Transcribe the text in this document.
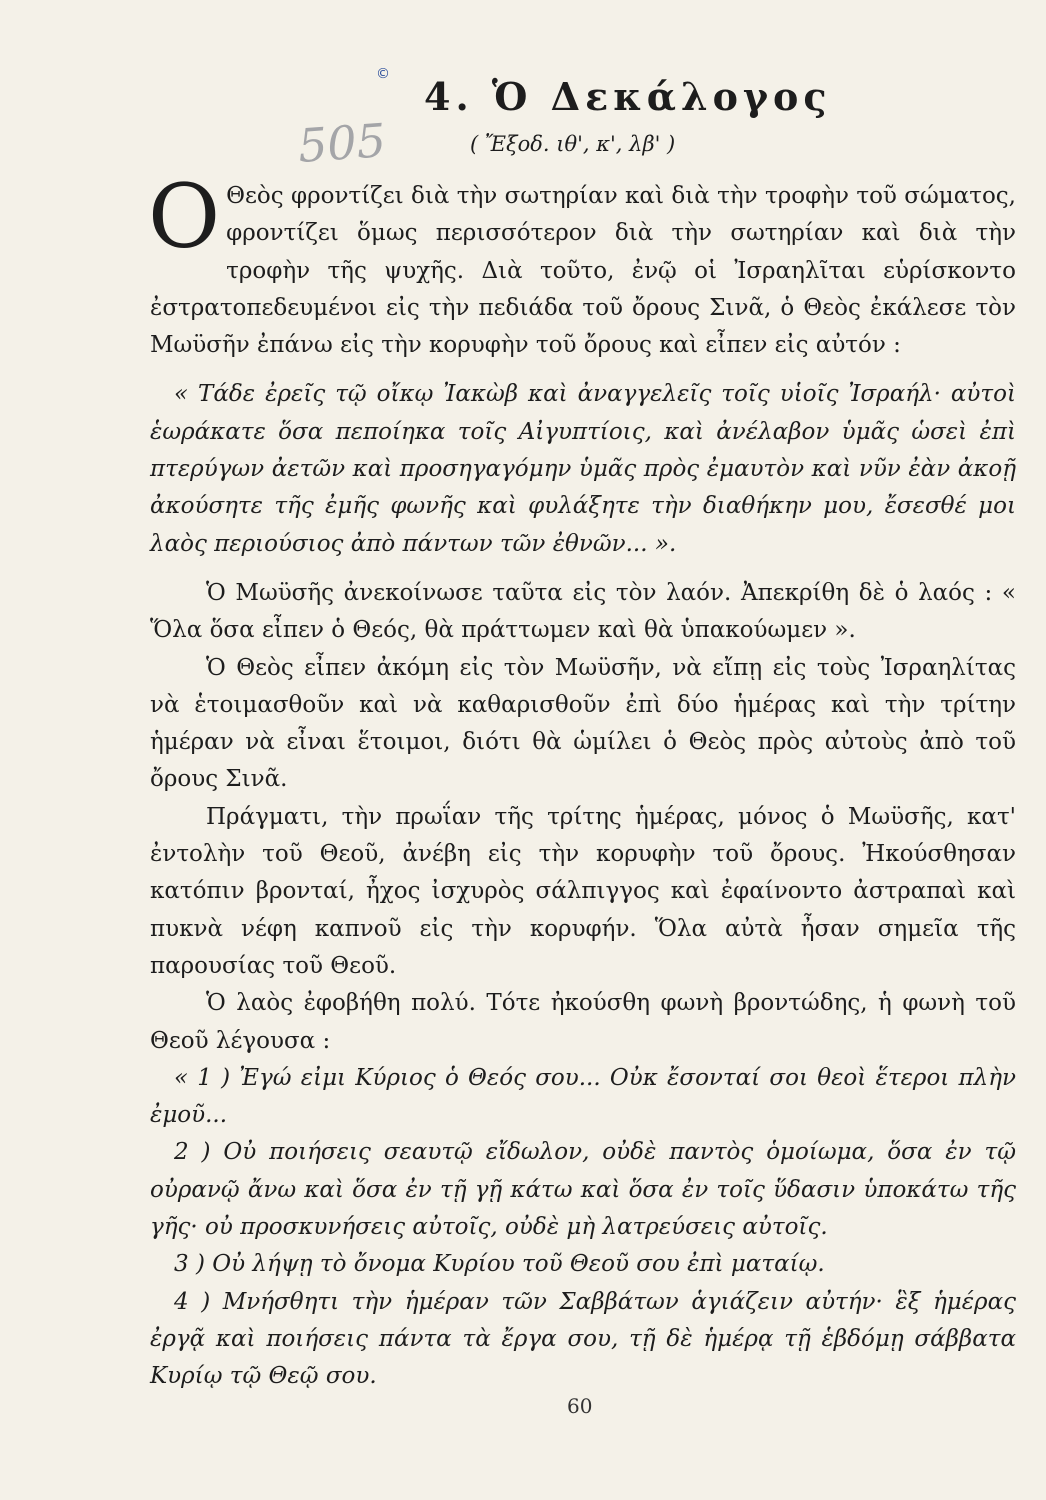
©
505
4. Ὁ Δεκάλογος
( Ἔξοδ. ιθ', κ', λβ' )

Ο Θεὸς φροντίζει διὰ τὴν σωτηρίαν καὶ διὰ τὴν τροφὴν τοῦ σώματος, φροντίζει ὅμως περισσότερον διὰ τὴν σωτηρίαν καὶ διὰ τὴν τροφὴν τῆς ψυχῆς. Διὰ τοῦτο, ἐνῷ οἱ Ἰσραηλῖται εὑρίσκοντο ἐστρατοπεδευμένοι εἰς τὴν πεδιάδα τοῦ ὄρους Σινᾶ, ὁ Θεὸς ἐκάλεσε τὸν Μωϋσῆν ἐπάνω εἰς τὴν κορυφὴν τοῦ ὄρους καὶ εἶπεν εἰς αὐτόν :

« Τάδε ἐρεῖς τῷ οἴκῳ Ἰακὼβ καὶ ἀναγγελεῖς τοῖς υἱοῖς Ἰσραήλ· αὐτοὶ ἑωράκατε ὅσα πεποίηκα τοῖς Αἰγυπτίοις, καὶ ἀνέλαβον ὑμᾶς ὡσεὶ ἐπὶ πτερύγων ἀετῶν καὶ προσηγαγόμην ὑμᾶς πρὸς ἐμαυτὸν καὶ νῦν ἐὰν ἀκοῇ ἀκούσητε τῆς ἐμῆς φωνῆς καὶ φυλάξητε τὴν διαθήκην μου, ἔσεσθέ μοι λαὸς περιούσιος ἀπὸ πάντων τῶν ἐθνῶν... ».

Ὁ Μωϋσῆς ἀνεκοίνωσε ταῦτα εἰς τὸν λαόν. Ἀπεκρίθη δὲ ὁ λαός : « Ὅλα ὅσα εἶπεν ὁ Θεός, θὰ πράττωμεν καὶ θὰ ὑπακούωμεν ».

Ὁ Θεὸς εἶπεν ἀκόμη εἰς τὸν Μωϋσῆν, νὰ εἴπῃ εἰς τοὺς Ἰσραηλίτας νὰ ἑτοιμασθοῦν καὶ νὰ καθαρισθοῦν ἐπὶ δύο ἡμέρας καὶ τὴν τρίτην ἡμέραν νὰ εἶναι ἕτοιμοι, διότι θὰ ὡμίλει ὁ Θεὸς πρὸς αὐτοὺς ἀπὸ τοῦ ὄρους Σινᾶ.

Πράγματι, τὴν πρωΐαν τῆς τρίτης ἡμέρας, μόνος ὁ Μωϋσῆς, κατ' ἐντολὴν τοῦ Θεοῦ, ἀνέβη εἰς τὴν κορυφὴν τοῦ ὄρους. Ἠκούσθησαν κατόπιν βρονταί, ἦχος ἰσχυρὸς σάλπιγγος καὶ ἐφαίνοντο ἀστραπαὶ καὶ πυκνὰ νέφη καπνοῦ εἰς τὴν κορυφήν. Ὅλα αὐτὰ ἦσαν σημεῖα τῆς παρουσίας τοῦ Θεοῦ.

Ὁ λαὸς ἐφοβήθη πολύ. Τότε ἠκούσθη φωνὴ βροντώδης, ἡ φωνὴ τοῦ Θεοῦ λέγουσα :

« 1 ) Ἐγώ εἰμι Κύριος ὁ Θεός σου... Οὐκ ἔσονταί σοι θεοὶ ἕτεροι πλὴν ἐμοῦ...

2 ) Οὐ ποιήσεις σεαυτῷ εἴδωλον, οὐδὲ παντὸς ὁμοίωμα, ὅσα ἐν τῷ οὐρανῷ ἄνω καὶ ὅσα ἐν τῇ γῇ κάτω καὶ ὅσα ἐν τοῖς ὕδασιν ὑποκάτω τῆς γῆς· οὐ προσκυνήσεις αὐτοῖς, οὐδὲ μὴ λατρεύσεις αὐτοῖς.

3 ) Οὐ λήψῃ τὸ ὄνομα Κυρίου τοῦ Θεοῦ σου ἐπὶ ματαίῳ.

4 ) Μνήσθητι τὴν ἡμέραν τῶν Σαββάτων ἁγιάζειν αὐτήν· ἓξ ἡμέρας ἐργᾷ καὶ ποιήσεις πάντα τὰ ἔργα σου, τῇ δὲ ἡμέρᾳ τῇ ἑβδόμῃ σάββατα Κυρίῳ τῷ Θεῷ σου.

60
